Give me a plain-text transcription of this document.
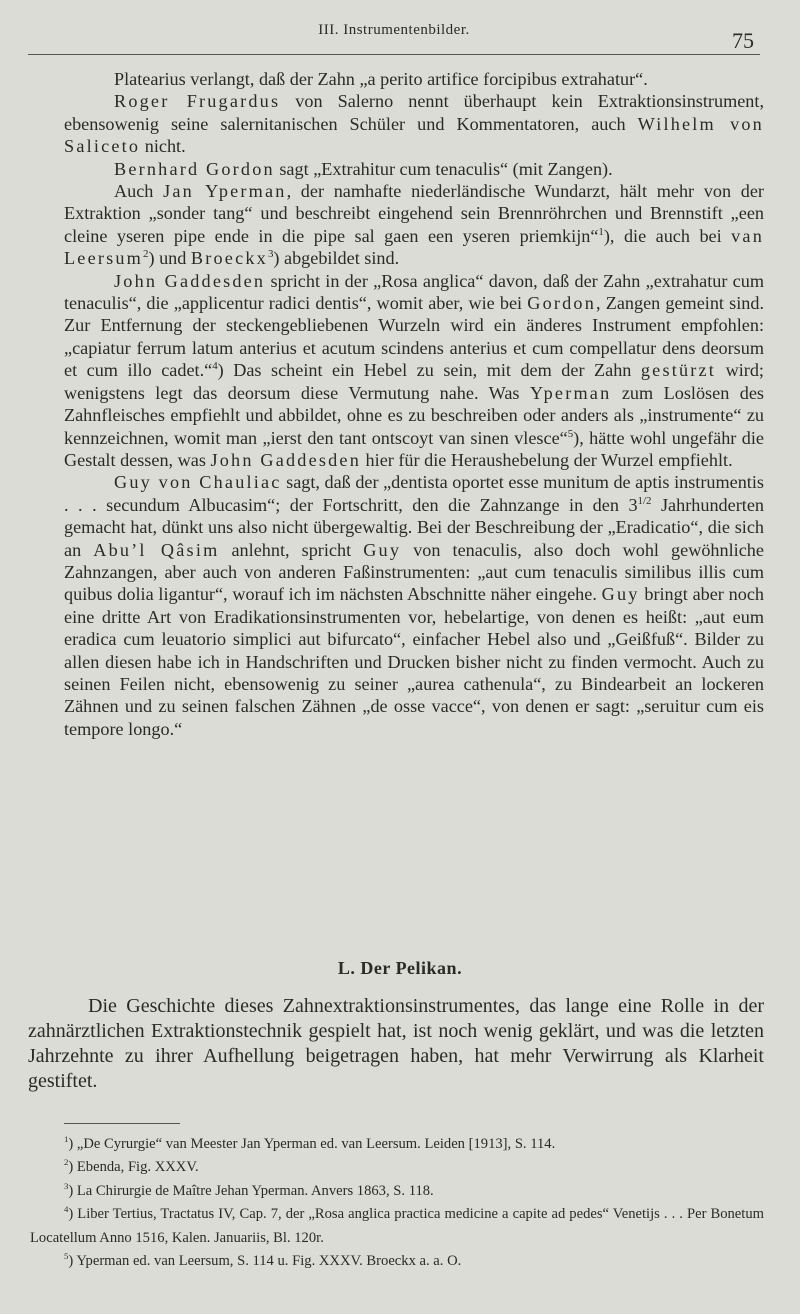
III. Instrumentenbilder.	75

Platearius verlangt, daß der Zahn „a perito artifice forcipibus extrahatur“.

Roger Frugardus von Salerno nennt überhaupt kein Extraktionsinstrument, ebensowenig seine salernitanischen Schüler und Kommentatoren, auch Wilhelm von Saliceto nicht.

Bernhard Gordon sagt „Extrahitur cum tenaculis“ (mit Zangen).

Auch Jan Yperman, der namhafte niederländische Wundarzt, hält mehr von der Extraktion „sonder tang“ und beschreibt eingehend sein Brennröhrchen und Brennstift „een cleine yseren pipe ende in die pipe sal gaen een yseren priemkijn“$^1$), die auch bei van Leersum$^2$) und Broeckx$^3$) abgebildet sind.

John Gaddesden spricht in der „Rosa anglica“ davon, daß der Zahn „extrahatur cum tenaculis“, die „applicentur radici dentis“, womit aber, wie bei Gordon, Zangen gemeint sind. Zur Entfernung der steckengebliebenen Wurzeln wird ein änderes Instrument empfohlen: „capiatur ferrum latum anterius et acutum scindens anterius et cum compellatur dens deorsum et cum illo cadet.“$^4$) Das scheint ein Hebel zu sein, mit dem der Zahn gestürzt wird; wenigstens legt das deorsum diese Vermutung nahe. Was Yperman zum Loslösen des Zahnfleisches empfiehlt und abbildet, ohne es zu beschreiben oder anders als „instrumente“ zu kennzeichnen, womit man „ierst den tant ontscoyt van sinen vlesce“$^5$), hätte wohl ungefähr die Gestalt dessen, was John Gaddesden hier für die Heraushebelung der Wurzel empfiehlt.

Guy von Chauliac sagt, daß der „dentista oportet esse munitum de aptis instrumentis . . . secundum Albucasim“; der Fortschritt, den die Zahnzange in den $3^{1/2}$ Jahrhunderten gemacht hat, dünkt uns also nicht übergewaltig. Bei der Beschreibung der „Eradicatio“, die sich an Abu’l Qâsim anlehnt, spricht Guy von tenaculis, also doch wohl gewöhnliche Zahnzangen, aber auch von anderen Faßinstrumenten: „aut cum tenaculis similibus illis cum quibus dolia ligantur“, worauf ich im nächsten Abschnitte näher eingehe. Guy bringt aber noch eine dritte Art von Eradikationsinstrumenten vor, hebelartige, von denen es heißt: „aut eum eradica cum leuatorio simplici aut bifurcato“, einfacher Hebel also und „Geißfuß“. Bilder zu allen diesen habe ich in Handschriften und Drucken bisher nicht zu finden vermocht. Auch zu seinen Feilen nicht, ebensowenig zu seiner „aurea cathenula“, zu Bindearbeit an lockeren Zähnen und zu seinen falschen Zähnen „de osse vacce“, von denen er sagt: „seruitur cum eis tempore longo.“

L. Der Pelikan.

Die Geschichte dieses Zahnextraktionsinstrumentes, das lange eine Rolle in der zahnärztlichen Extraktionstechnik gespielt hat, ist noch wenig geklärt, und was die letzten Jahrzehnte zu ihrer Aufhellung beigetragen haben, hat mehr Verwirrung als Klarheit gestiftet.

$^1$) „De Cyrurgie“ van Meester Jan Yperman ed. van Leersum. Leiden [1913], S. 114.

$^2$) Ebenda, Fig. XXXV.

$^3$) La Chirurgie de Maître Jehan Yperman. Anvers 1863, S. 118.

$^4$) Liber Tertius, Tractatus IV, Cap. 7, der „Rosa anglica practica medicine a capite ad pedes“ Venetijs . . . Per Bonetum Locatellum Anno 1516, Kalen. Januariis, Bl. 120r.

$^5$) Yperman ed. van Leersum, S. 114 u. Fig. XXXV. Broeckx a. a. O.
